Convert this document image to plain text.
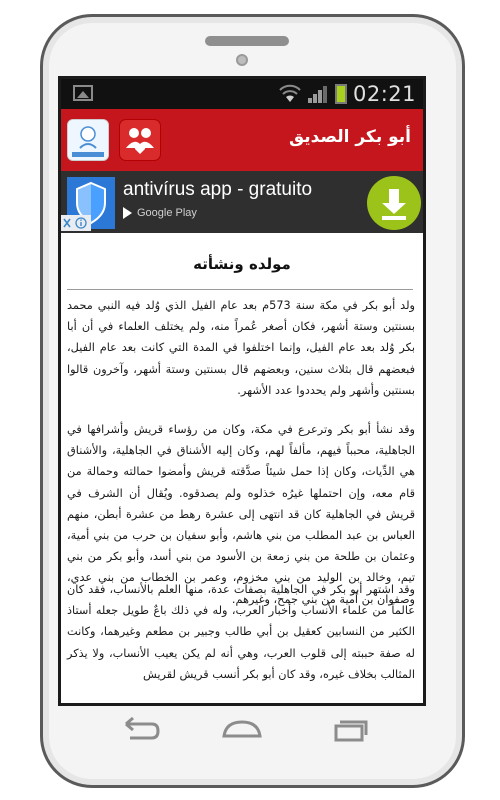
02:21
أبو بكر الصديق
antivírus app - gratuito
Google Play
مولده ونشأته
ولد أبو بكر في مكة سنة 573م بعد عام الفيل الذي وُلد فيه النبي محمد بسنتين وستة أشهر، فكان أصغر عُمراً منه، ولم يختلف العلماء في أن أبا بكر وُلد بعد عام الفيل، وإنما اختلفوا في المدة التي كانت بعد عام الفيل، فبعضهم قال بثلاث سنين، وبعضهم قال بسنتين وستة أشهر، وآخرون قالوا بسنتين وأشهر ولم يحددوا عدد الأشهر.
وقد نشأ أبو بكر وترعرع في مكة، وكان من رؤساء قريش وأشرافها في الجاهلية، محبباً فيهم، مألفاً لهم، وكان إليه الأشناق في الجاهلية، والأشناق هي الدِّيات، وكان إذا حمل شيئاً صدَّقته قريش وأمضوا حمالته وحمالة من قام معه، وإن احتملها غيرُه خذلوه ولم يصدقوه. ويُقال أن الشرف في قريش في الجاهلية كان قد انتهى إلى عشرة رهط من عشرة أبطن، منهم العباس بن عبد المطلب من بني هاشم، وأبو سفيان بن حرب من بني أمية، وعثمان بن طلحة من بني زمعة بن الأسود من بني أسد، وأبو بكر من بني تيم، وخالد بن الوليد من بني مخزوم، وعمر بن الخطاب من بني عدي، وصفوان بن أمية من بني جمح، وغيرهم.
وقد اشتهر أبو بكر في الجاهلية بصفات عدة، منها العلم بالأنساب، فقد كان عالماً من علماء الأنساب وأخبار العرب، وله في ذلك باعٌ طويل جعله أستاذ الكثير من النسابين كعقيل بن أبي طالب وجبير بن مطعم وغيرهما، وكانت له صفة حببته إلى قلوب العرب، وهي أنه لم يكن يعيب الأنساب، ولا يذكر المثالب بخلاف غيره، وقد كان أبو بكر أنسب قريش لقريش
